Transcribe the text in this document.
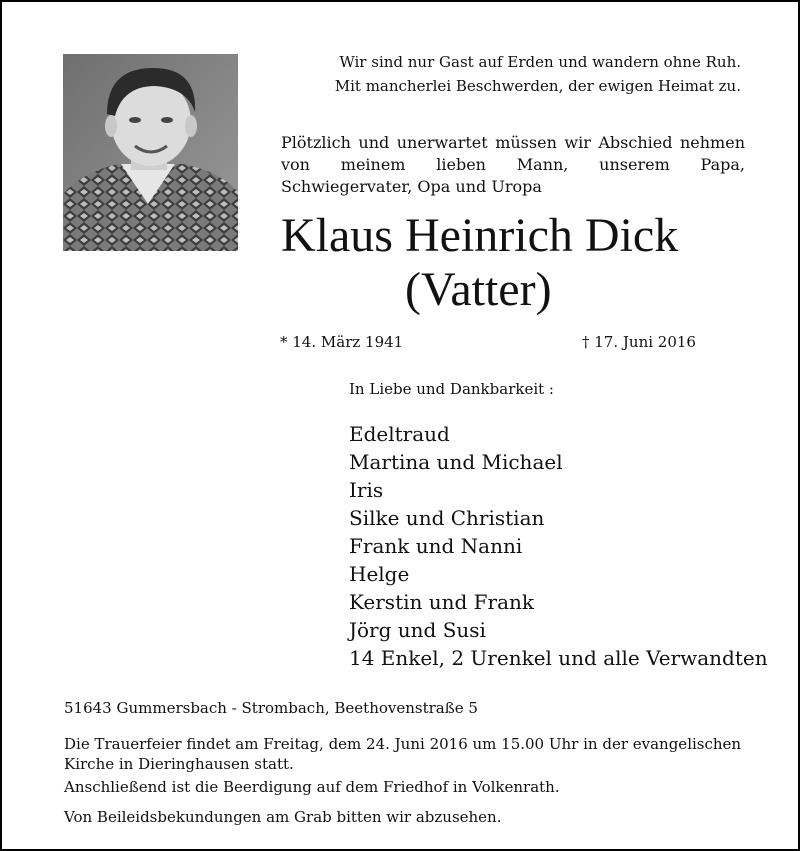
Wir sind nur Gast auf Erden und wandern ohne Ruh.
Mit mancherlei Beschwerden, der ewigen Heimat zu.
Plötzlich und unerwartet müssen wir Abschied nehmen von meinem lieben Mann, unserem Papa, Schwiegervater, Opa und Uropa
Klaus Heinrich Dick
(Vatter)
* 14. März 1941	† 17. Juni 2016
In Liebe und Dankbarkeit :
Edeltraud
Martina und Michael
Iris
Silke und Christian
Frank und Nanni
Helge
Kerstin und Frank
Jörg und Susi
14 Enkel, 2 Urenkel und alle Verwandten
51643 Gummersbach - Strombach, Beethovenstraße 5
Die Trauerfeier findet am Freitag, dem 24. Juni 2016 um 15.00 Uhr in der evangelischen Kirche in Dieringhausen statt.
Anschließend ist die Beerdigung auf dem Friedhof in Volkenrath.
Von Beileidsbekundungen am Grab bitten wir abzusehen.
